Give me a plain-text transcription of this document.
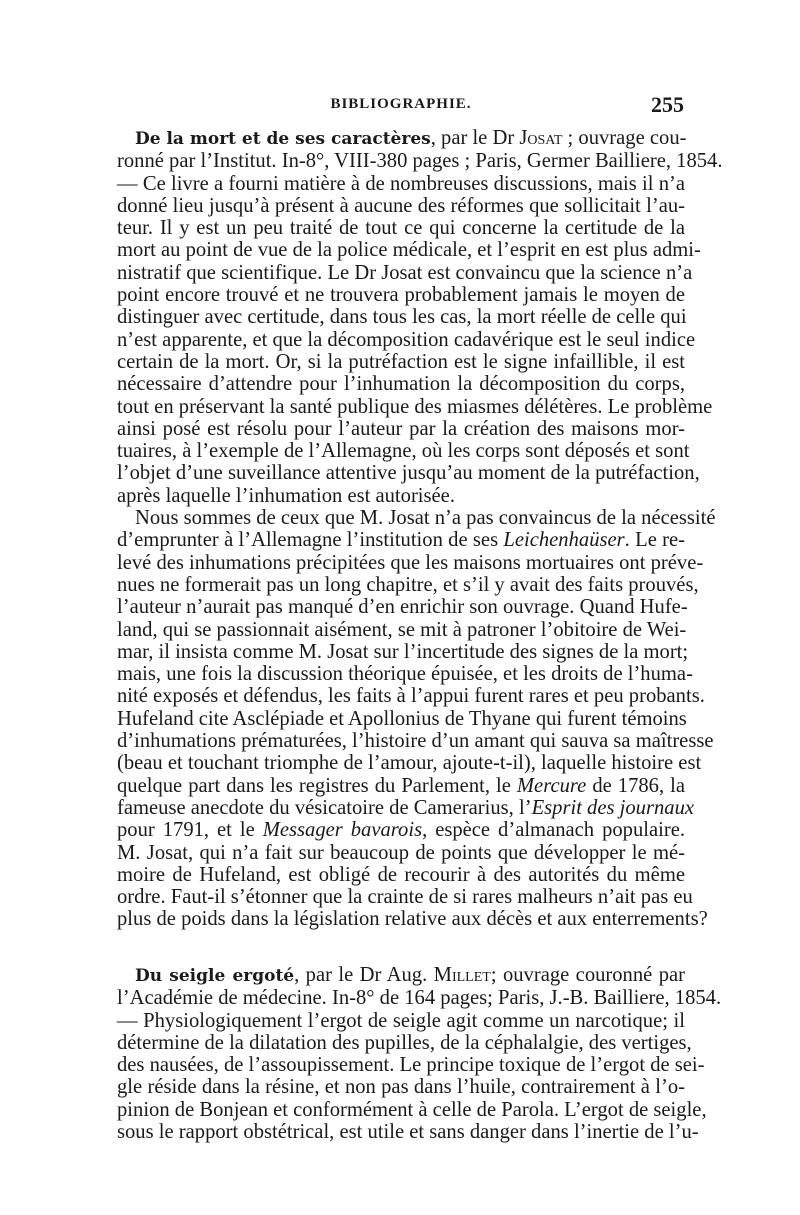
BIBLIOGRAPHIE.	255
De la mort et de ses caractères, par le Dr Josat ; ouvrage cou-
ronné par l’Institut. In-8°, VIII-380 pages ; Paris, Germer Bailliere, 1854.
— Ce livre a fourni matière à de nombreuses discussions, mais il n’a
donné lieu jusqu’à présent à aucune des réformes que sollicitait l’au-
teur. Il y est un peu traité de tout ce qui concerne la certitude de la
mort au point de vue de la police médicale, et l’esprit en est plus admi-
nistratif que scientifique. Le Dr Josat est convaincu que la science n’a
point encore trouvé et ne trouvera probablement jamais le moyen de
distinguer avec certitude, dans tous les cas, la mort réelle de celle qui
n’est apparente, et que la décomposition cadavérique est le seul indice
certain de la mort. Or, si la putréfaction est le signe infaillible, il est
nécessaire d’attendre pour l’inhumation la décomposition du corps,
tout en préservant la santé publique des miasmes délétères. Le problème
ainsi posé est résolu pour l’auteur par la création des maisons mor-
tuaires, à l’exemple de l’Allemagne, où les corps sont déposés et sont
l’objet d’une suveillance attentive jusqu’au moment de la putréfaction,
après laquelle l’inhumation est autorisée.
Nous sommes de ceux que M. Josat n’a pas convaincus de la nécessité
d’emprunter à l’Allemagne l’institution de ses Leichenhaüser. Le re-
levé des inhumations précipitées que les maisons mortuaires ont préve-
nues ne formerait pas un long chapitre, et s’il y avait des faits prouvés,
l’auteur n’aurait pas manqué d’en enrichir son ouvrage. Quand Hufe-
land, qui se passionnait aisément, se mit à patroner l’obitoire de Wei-
mar, il insista comme M. Josat sur l’incertitude des signes de la mort;
mais, une fois la discussion théorique épuisée, et les droits de l’huma-
nité exposés et défendus, les faits à l’appui furent rares et peu probants.
Hufeland cite Asclépiade et Apollonius de Thyane qui furent témoins
d’inhumations prématurées, l’histoire d’un amant qui sauva sa maîtresse
(beau et touchant triomphe de l’amour, ajoute-t-il), laquelle histoire est
quelque part dans les registres du Parlement, le Mercure de 1786, la
fameuse anecdote du vésicatoire de Camerarius, l’Esprit des journaux
pour 1791, et le Messager bavarois, espèce d’almanach populaire.
M. Josat, qui n’a fait sur beaucoup de points que développer le mé-
moire de Hufeland, est obligé de recourir à des autorités du même
ordre. Faut-il s’étonner que la crainte de si rares malheurs n’ait pas eu
plus de poids dans la législation relative aux décès et aux enterrements?
Du seigle ergoté, par le Dr Aug. Millet; ouvrage couronné par
l’Académie de médecine. In-8° de 164 pages; Paris, J.-B. Bailliere, 1854.
— Physiologiquement l’ergot de seigle agit comme un narcotique; il
détermine de la dilatation des pupilles, de la céphalalgie, des vertiges,
des nausées, de l’assoupissement. Le principe toxique de l’ergot de sei-
gle réside dans la résine, et non pas dans l’huile, contrairement à l’o-
pinion de Bonjean et conformément à celle de Parola. L’ergot de seigle,
sous le rapport obstétrical, est utile et sans danger dans l’inertie de l’u-
